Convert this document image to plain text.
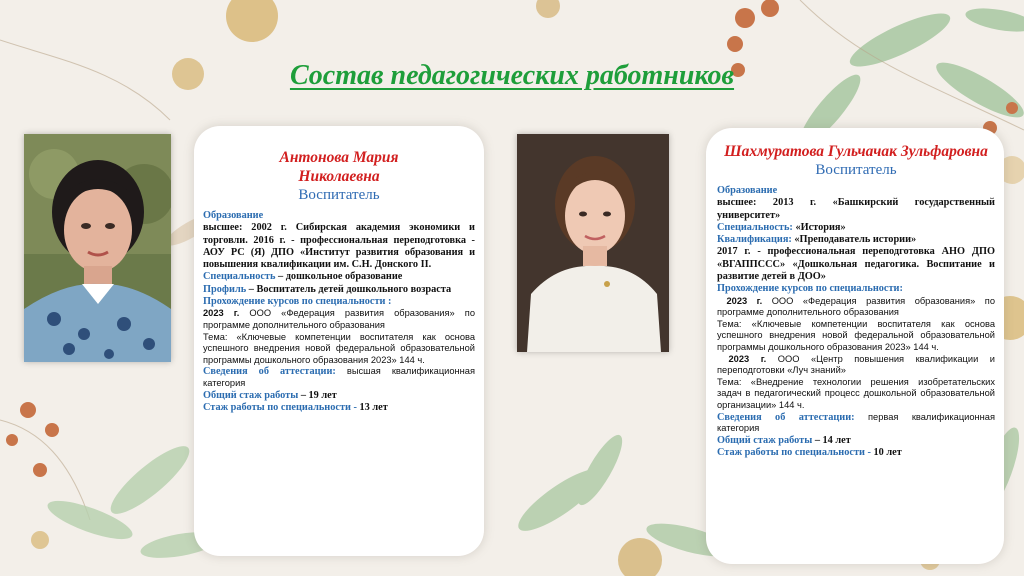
Состав педагогических работников
Антонова Мария Николаевна
Воспитатель

Образование

высшее: 2002 г. Сибирская академия экономики и торговли. 2016 г. - профессиональная переподготовка - АОУ РС (Я) ДПО «Институт развития образования и повышения квалификации им. С.Н. Донского II.

Специальность – дошкольное образование

Профиль – Воспитатель детей дошкольного возраста

Прохождение курсов по специальности :

2023 г. ООО «Федерация развития образования» по программе дополнительного образования

Тема: «Ключевые компетенции воспитателя как основа успешного внедрения новой федеральной образовательной программы дошкольного образования 2023» 144 ч.

Сведения об аттестации: высшая квалификационная категория

Общий стаж работы – 19 лет

Стаж работы по специальности - 13 лет

Шахмуратова Гульчачак Зульфаровна
Воспитатель

Образование

высшее: 2013 г. «Башкирский государственный университет»

Специальность: «История»

Квалификация: «Преподаватель истории»

2017 г. - профессиональная переподготовка АНО ДПО «ВГАППССС» «Дошкольная педагогика. Воспитание и развитие детей в ДОО»

Прохождение курсов по специальности:

2023 г. ООО «Федерация развития образования» по программе дополнительного образования

Тема: «Ключевые компетенции воспитателя как основа успешного внедрения новой федеральной образовательной программы дошкольного образования 2023» 144 ч.

2023 г. ООО «Центр повышения квалификации и переподготовки «Луч знаний»

Тема: «Внедрение технологии решения изобретательских задач в педагогический процесс дошкольной образовательной организации» 144 ч.

Сведения об аттестации: первая квалификационная категория

Общий стаж работы – 14 лет

Стаж работы по специальности - 10 лет
